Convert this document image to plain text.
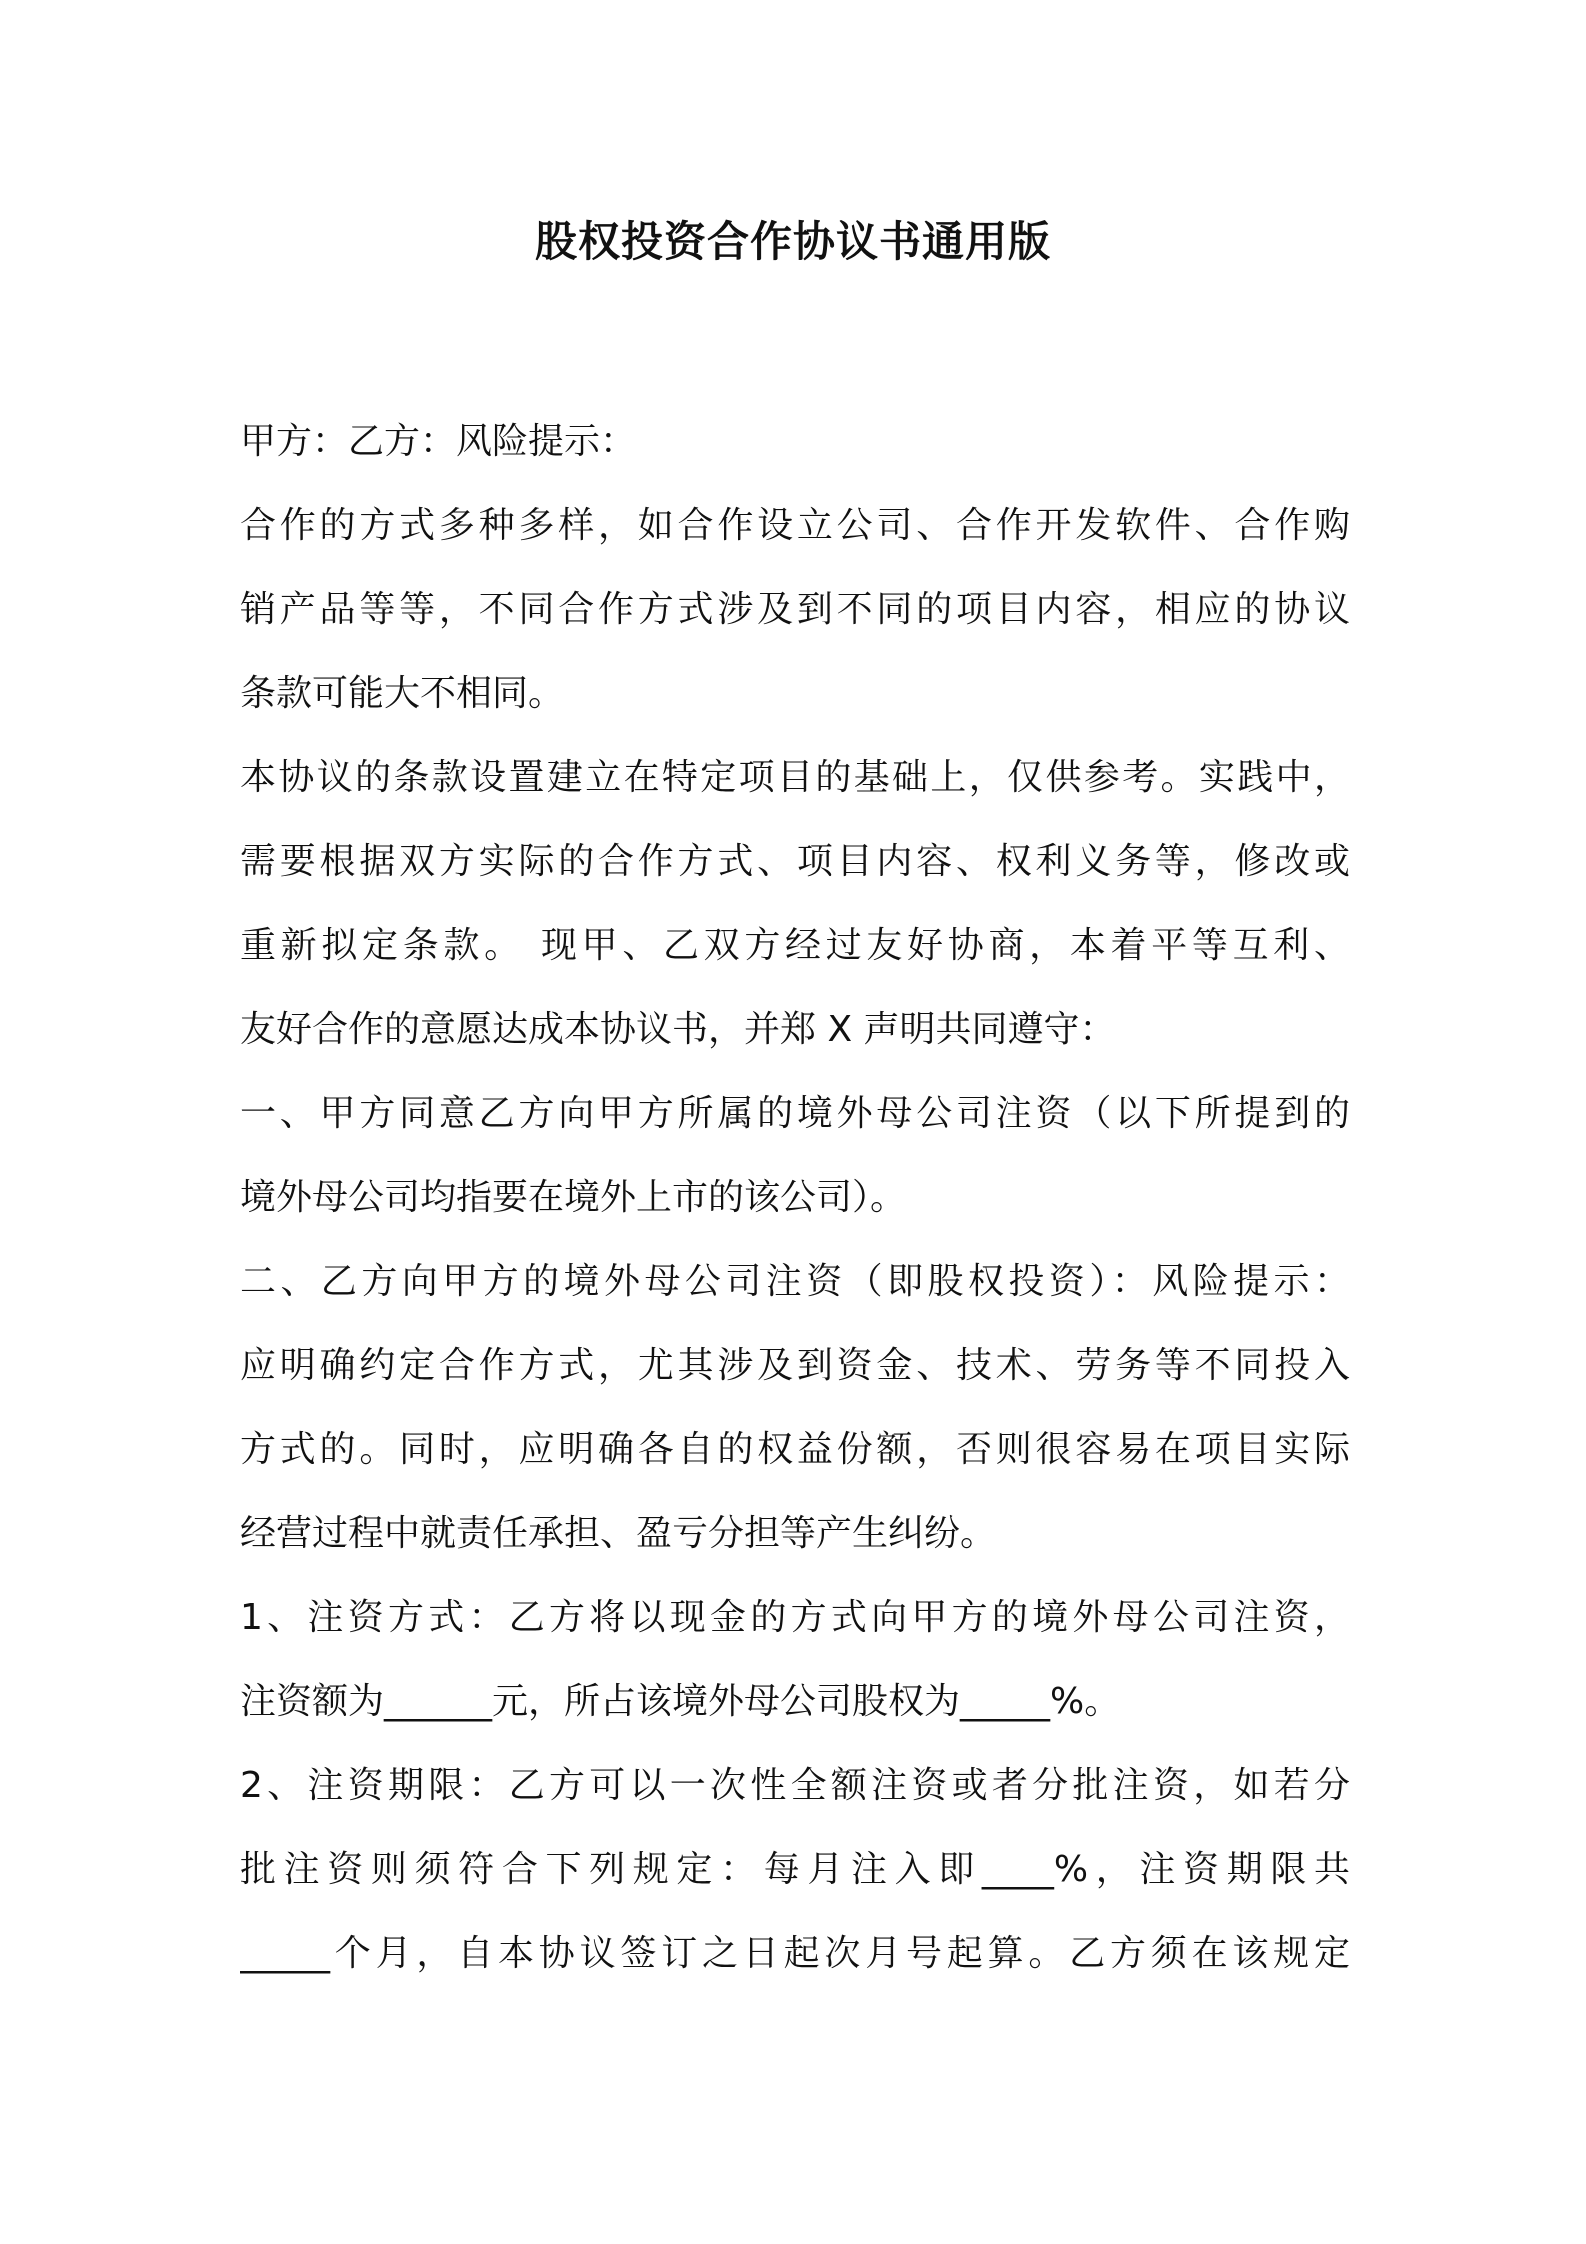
股权投资合作协议书通用版
甲方：乙方：风险提示：
合作的方式多种多样，如合作设立公司、合作开发软件、合作购
销产品等等，不同合作方式涉及到不同的项目内容，相应的协议
条款可能大不相同。
本协议的条款设置建立在特定项目的基础上，仅供参考。实践中，
需要根据双方实际的合作方式、项目内容、权利义务等，修改或
重新拟定条款。 现甲、乙双方经过友好协商，本着平等互利、
友好合作的意愿达成本协议书，并郑 X 声明共同遵守：
一、甲方同意乙方向甲方所属的境外母公司注资（以下所提到的
境外母公司均指要在境外上市的该公司）。
二、乙方向甲方的境外母公司注资（即股权投资）：风险提示：
应明确约定合作方式，尤其涉及到资金、技术、劳务等不同投入
方式的。同时，应明确各自的权益份额，否则很容易在项目实际
经营过程中就责任承担、盈亏分担等产生纠纷。
1、注资方式：乙方将以现金的方式向甲方的境外母公司注资，
注资额为______元，所占该境外母公司股权为_____%。
2、注资期限：乙方可以一次性全额注资或者分批注资，如若分
批注资则须符合下列规定：每月注入即____%，注资期限共
_____个月，自本协议签订之日起次月号起算。乙方须在该规定
